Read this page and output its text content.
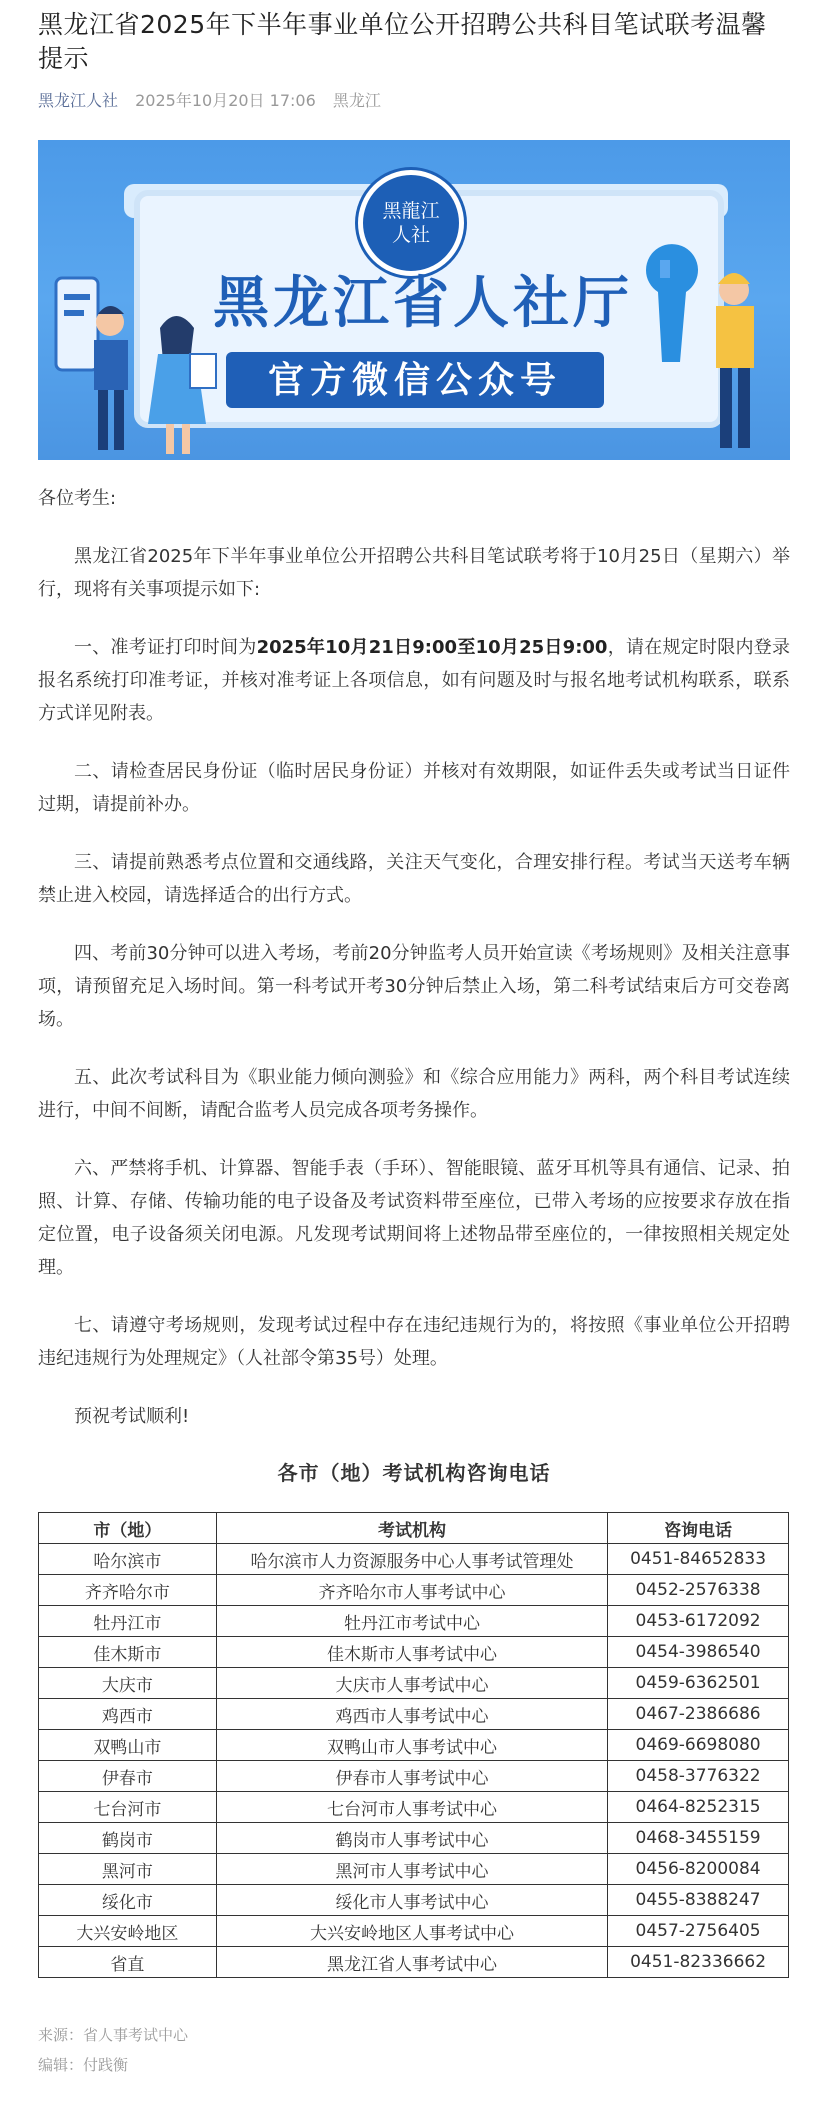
黑龙江省2025年下半年事业单位公开招聘公共科目笔试联考温馨提示
黑龙江人社 2025年10月20日 17:06 黑龙江
黑龍江
人社
黑龙江省人社厅
官方微信公众号

各位考生:

黑龙江省2025年下半年事业单位公开招聘公共科目笔试联考将于10月25日（星期六）举行，现将有关事项提示如下:

一、准考证打印时间为2025年10月21日9:00至10月25日9:00，请在规定时限内登录报名系统打印准考证，并核对准考证上各项信息，如有问题及时与报名地考试机构联系，联系方式详见附表。

二、请检查居民身份证（临时居民身份证）并核对有效期限，如证件丢失或考试当日证件过期，请提前补办。

三、请提前熟悉考点位置和交通线路，关注天气变化，合理安排行程。考试当天送考车辆禁止进入校园，请选择适合的出行方式。

四、考前30分钟可以进入考场，考前20分钟监考人员开始宣读《考场规则》及相关注意事项，请预留充足入场时间。第一科考试开考30分钟后禁止入场，第二科考试结束后方可交卷离场。

五、此次考试科目为《职业能力倾向测验》和《综合应用能力》两科，两个科目考试连续进行，中间不间断，请配合监考人员完成各项考务操作。

六、严禁将手机、计算器、智能手表（手环）、智能眼镜、蓝牙耳机等具有通信、记录、拍照、计算、存储、传输功能的电子设备及考试资料带至座位，已带入考场的应按要求存放在指定位置，电子设备须关闭电源。凡发现考试期间将上述物品带至座位的，一律按照相关规定处理。

七、请遵守考场规则，发现考试过程中存在违纪违规行为的，将按照《事业单位公开招聘违纪违规行为处理规定》（人社部令第35号）处理。

预祝考试顺利!

各市（地）考试机构咨询电话
市（地）	考试机构	咨询电话
哈尔滨市	哈尔滨市人力资源服务中心人事考试管理处	0451-84652833
齐齐哈尔市	齐齐哈尔市人事考试中心	0452-2576338
牡丹江市	牡丹江市考试中心	0453-6172092
佳木斯市	佳木斯市人事考试中心	0454-3986540
大庆市	大庆市人事考试中心	0459-6362501
鸡西市	鸡西市人事考试中心	0467-2386686
双鸭山市	双鸭山市人事考试中心	0469-6698080
伊春市	伊春市人事考试中心	0458-3776322
七台河市	七台河市人事考试中心	0464-8252315
鹤岗市	鹤岗市人事考试中心	0468-3455159
黑河市	黑河市人事考试中心	0456-8200084
绥化市	绥化市人事考试中心	0455-8388247
大兴安岭地区	大兴安岭地区人事考试中心	0457-2756405
省直	黑龙江省人事考试中心	0451-82336662
来源：省人事考试中心
编辑：付践衡
